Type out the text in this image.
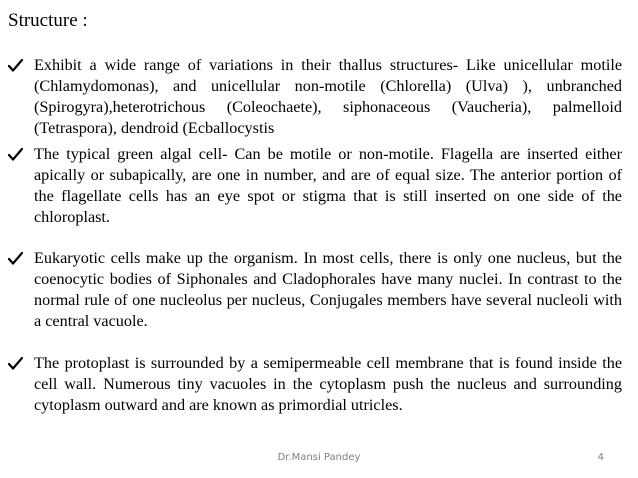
Structure :
Exhibit a wide range of variations in their thallus structures- Like unicellular motile (Chlamydomonas), and unicellular non-motile (Chlorella) (Ulva) ), unbranched (Spirogyra),heterotrichous (Coleochaete), siphonaceous (Vaucheria), palmelloid (Tetraspora), dendroid (Ecballocystis
The typical green algal cell- Can be motile or non-motile. Flagella are inserted either apically or subapically, are one in number, and are of equal size. The anterior portion of the flagellate cells has an eye spot or stigma that is still inserted on one side of the chloroplast.
Eukaryotic cells make up the organism. In most cells, there is only one nucleus, but the coenocytic bodies of Siphonales and Cladophorales have many nuclei. In contrast to the normal rule of one nucleolus per nucleus, Conjugales members have several nucleoli with a central vacuole.
The protoplast is surrounded by a semipermeable cell membrane that is found inside the cell wall. Numerous tiny vacuoles in the cytoplasm push the nucleus and surrounding cytoplasm outward and are known as primordial utricles.
Dr.Mansi Pandey	4
